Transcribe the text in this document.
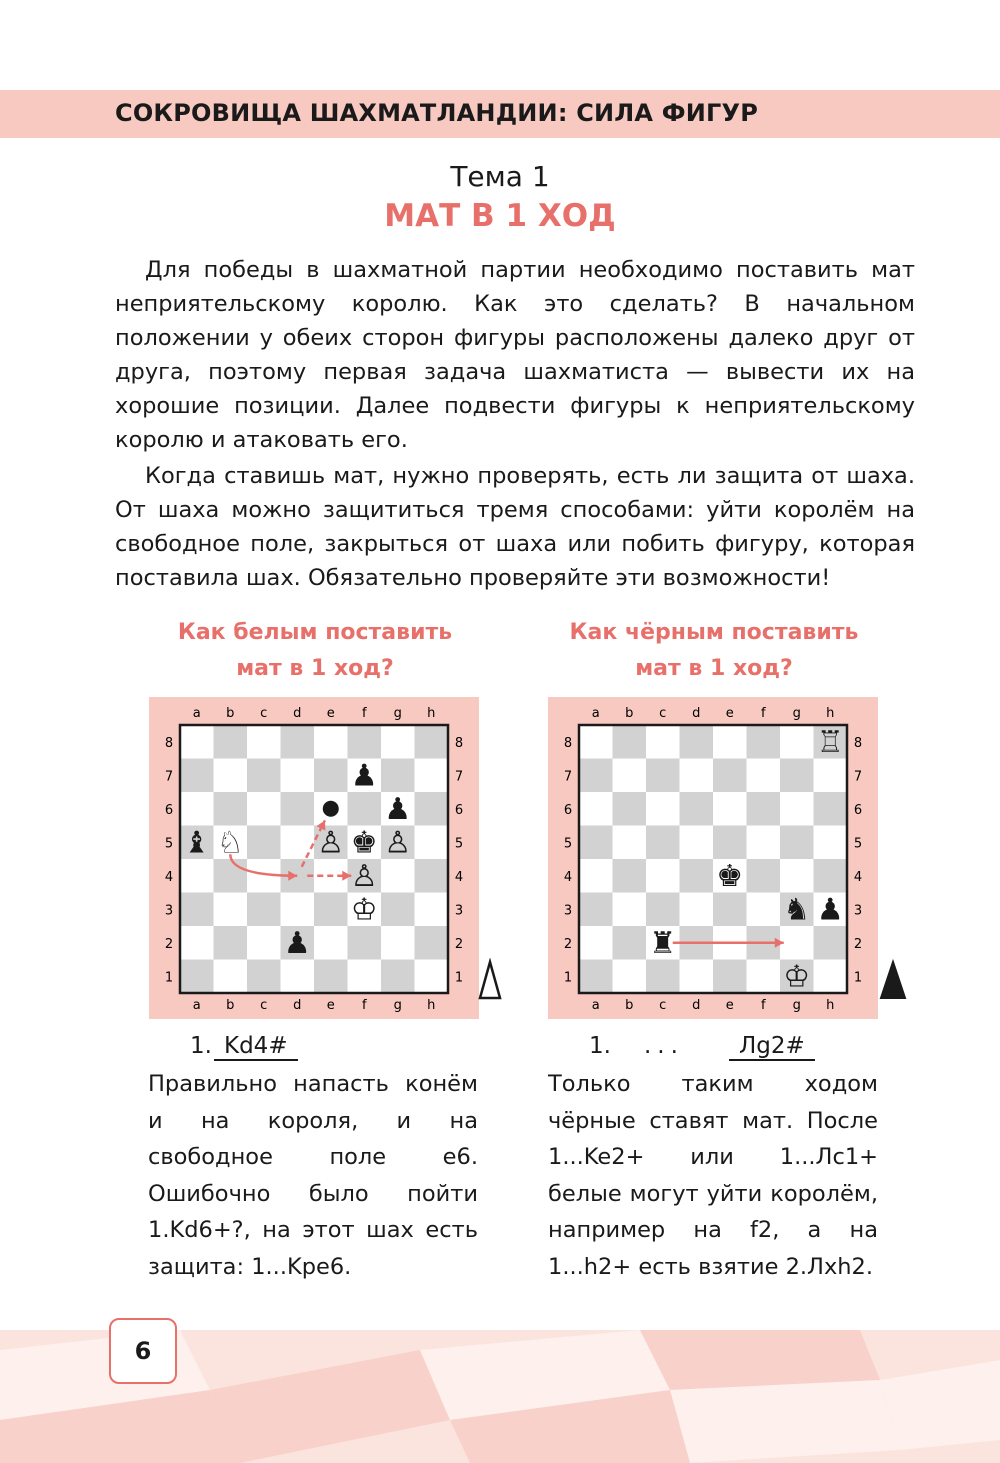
СОКРОВИЩА ШАХМАТЛАНДИИ: СИЛА ФИГУР
Тема 1
МАТ В 1 ХОД

Для победы в шахматной партии необходимо поставить мат неприятельскому королю. Как это сделать? В начальном положении у обеих сторон фигуры расположены далеко друг от друга, поэтому первая задача шахматиста — вывести их на хорошие позиции. Далее подвести фигуры к неприятельскому королю и атаковать его.

Когда ставишь мат, нужно проверять, есть ли защита от шаха. От шаха можно защититься тремя способами: уйти королём на свободное поле, закрыться от шаха или побить фигуру, которая поставила шах. Обязательно проверяйте эти возможности!

Как белым поставить
мат в 1 ход?
a
a
b
b
c
c
d
d
e
e
f
f
g
g
h
h
8	8
7	7
6	6
5	5
4	4
3	3
2	2
1	1
♟
♟
♝ ♘ ♙ ♚ ♙
♙
♔
♟
1. Kd4#

Правильно напасть конём и на короля, и на свободное поле e6. Ошибочно было пойти 1.Kd6+?, на этот шах есть защита: 1...Kpe6.

Как чёрным поставить
мат в 1 ход?
a
a
b
b
c
c
d
d
e
e
f
f
g
g
h
h
8	8
7	7
6	6
5	5
4	4
3	3
2	2
1	1
♖
♚
♞ ♟
♜
♔
1. ...	Лg2#

Только таким ходом чёрные ставят мат. После 1...Ke2+ или 1...Лc1+ белые могут уйти королём, например на f2, а на 1...h2+ есть взятие 2.Лxh2.

6
